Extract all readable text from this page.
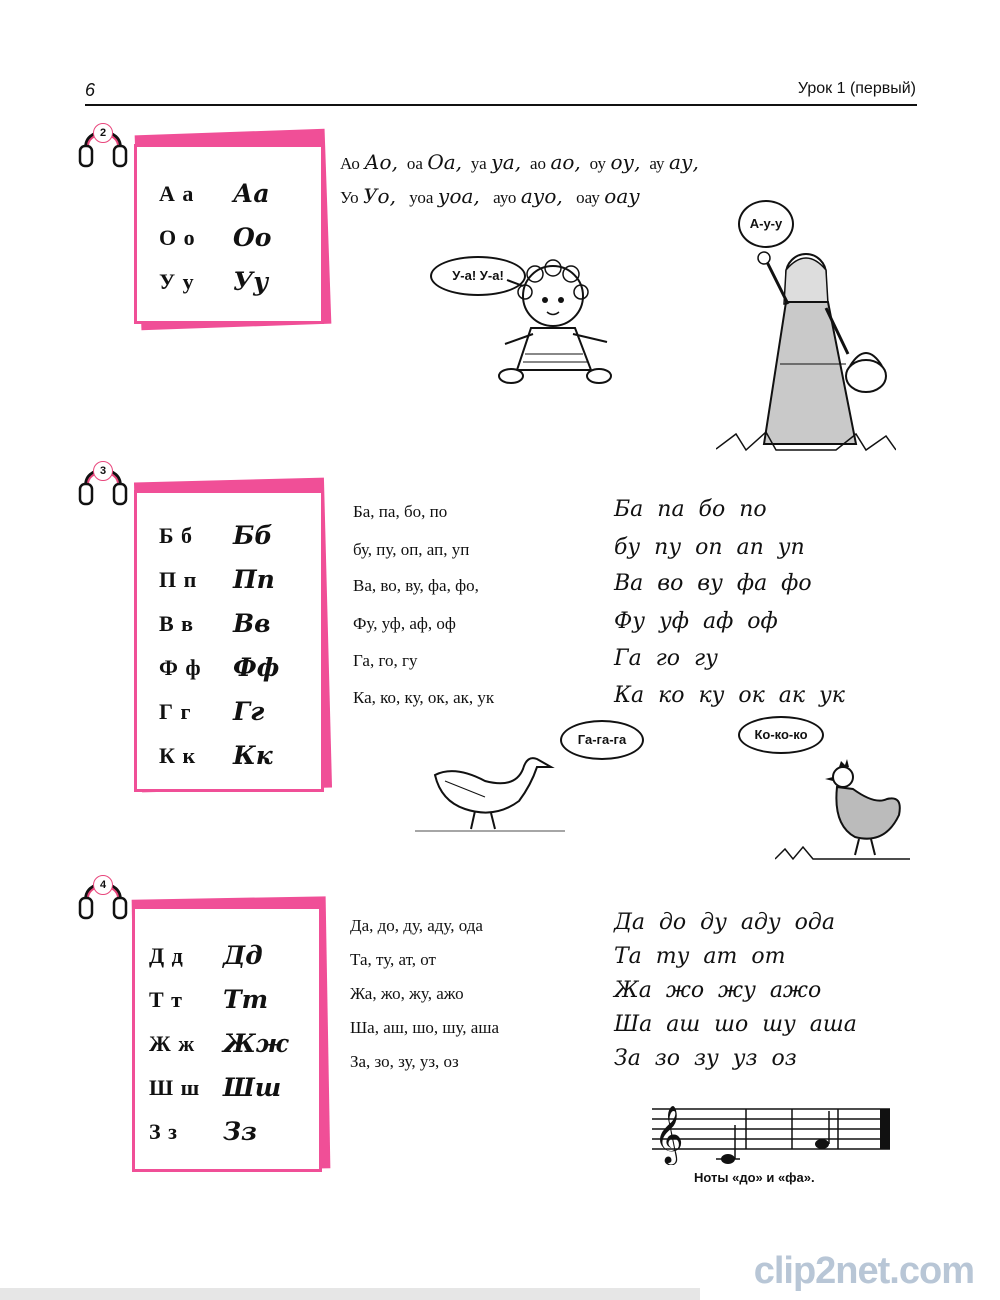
6	Урок 1 (первый)
2
А а	Аа
О о	Оо
У у	Уу
Ао Ао, оа Оа, уа уа, ао ао, оу оу, ау ау,
Уо Уо, уоа уоа, ауо ауо, оау оау
У-а! У-а!
А-у-у
3
Б б	Бб
П п	Пп
В в	Вв
Ф ф	Фф
Г г	Гг
К к	Кк
Ба, па, бо, по
бу, пу, оп, ап, уп
Ва, во, ву, фа, фо,
Фу, уф, аф, оф
Га, го, гу
Ка, ко, ку, ок, ак, ук
Ба  па  бо  по
бу  пу  оп  ап  уп
Ва  во  ву  фа  фо
Фу  уф  аф  оф
Га  го  гу
Ка  ко  ку  ок  ак  ук
Га-га-га	Ко-ко-ко
4
Д д	Дд
Т т	Тт
Ж ж	Жж
Ш ш Шш
З з	Зз
Да, до, ду, аду, ода
Та, ту, ат, от
Жа, жо, жу, ажо
Ша, аш, шо, шу, аша
За, зо, зу, уз, оз
Да  до  ду  аду  ода
Та  ту  ат  от
Жа  жо  жу  ажо
Ша  аш  шо  шу  аша
За  зо  зу  уз  оз
𝄞
Ноты «до» и «фа».
clip2net.com
